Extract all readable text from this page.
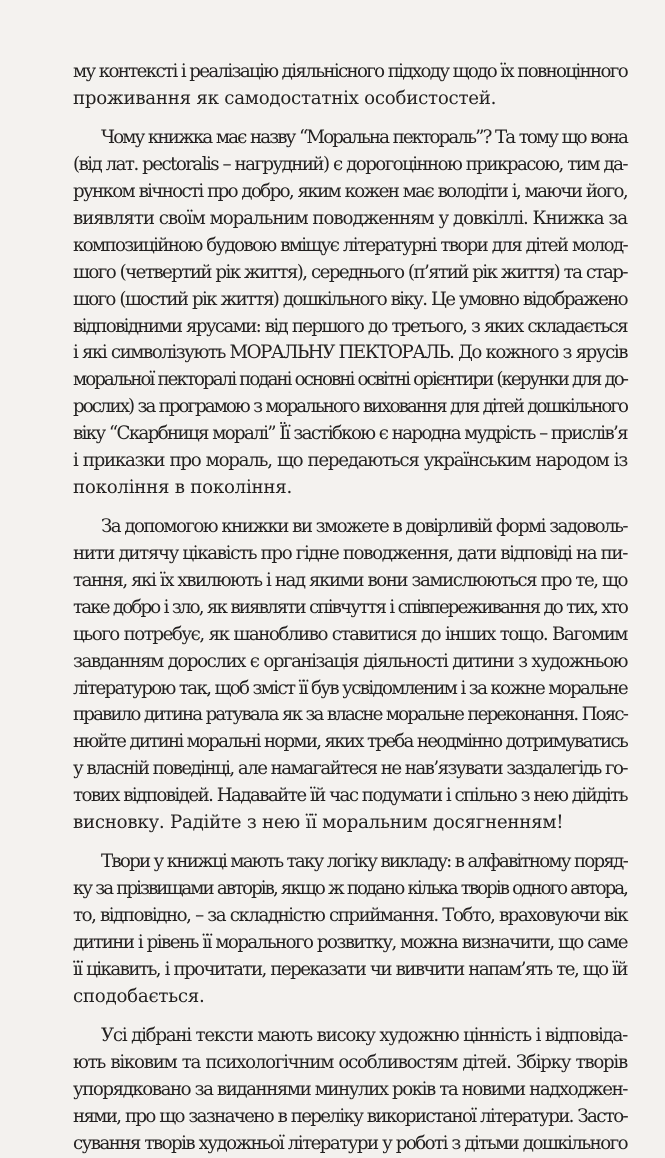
му контексті і реалізацію діяльнісного підходу щодо їх повноцінного
проживання як самодостатніх особистостей.
Чому книжка має назву “Моральна пектораль”? Та тому що вона
(від лат. pectoralis – нагрудний) є дорогоцінною прикрасою, тим да-
рунком вічності про добро, яким кожен має володіти і, маючи його,
виявляти своїм моральним поводженням у довкіллі. Книжка за
композиційною будовою вміщує літературні твори для дітей молод-
шого (четвертий рік життя), середнього (п’ятий рік життя) та стар-
шого (шостий рік життя) дошкільного віку. Це умовно відображено
відповідними ярусами: від першого до третього, з яких складається
і які символізують МОРАЛЬНУ ПЕКТОРАЛЬ. До кожного з ярусів
моральної пекторалі подані основні освітні орієнтири (керунки для до-
рослих) за програмою з морального виховання для дітей дошкільного
віку “Скарбниця моралі” Її застібкою є народна мудрість – прислів’я
і приказки про мораль, що передаються українським народом із
покоління в покоління.
За допомогою книжки ви зможете в довірливій формі задоволь-
нити дитячу цікавість про гідне поводження, дати відповіді на пи-
тання, які їх хвилюють і над якими вони замислюються про те, що
таке добро і зло, як виявляти співчуття і співпереживання до тих, хто
цього потребує, як шанобливо ставитися до інших тощо. Вагомим
завданням дорослих є організація діяльності дитини з художньою
літературою так, щоб зміст її був усвідомленим і за кожне моральне
правило дитина ратувала як за власне моральне переконання. Пояс-
нюйте дитині моральні норми, яких треба неодмінно дотримуватись
у власній поведінці, але намагайтеся не нав’язувати заздалегідь го-
тових відповідей. Надавайте їй час подумати і спільно з нею дійдіть
висновку. Радійте з нею її моральним досягненням!
Твори у книжці мають таку логіку викладу: в алфавітному поряд-
ку за прізвищами авторів, якщо ж подано кілька творів одного автора,
то, відповідно, – за складністю сприймання. Тобто, враховуючи вік
дитини і рівень її морального розвитку, можна визначити, що саме
її цікавить, і прочитати, переказати чи вивчити напам’ять те, що їй
сподобається.
Усі дібрані тексти мають високу художню цінність і відповіда-
ють віковим та психологічним особливостям дітей. Збірку творів
упорядковано за виданнями минулих років та новими надходжен-
нями, про що зазначено в переліку використаної літератури. Засто-
сування творів художньої літератури у роботі з дітьми дошкільного
